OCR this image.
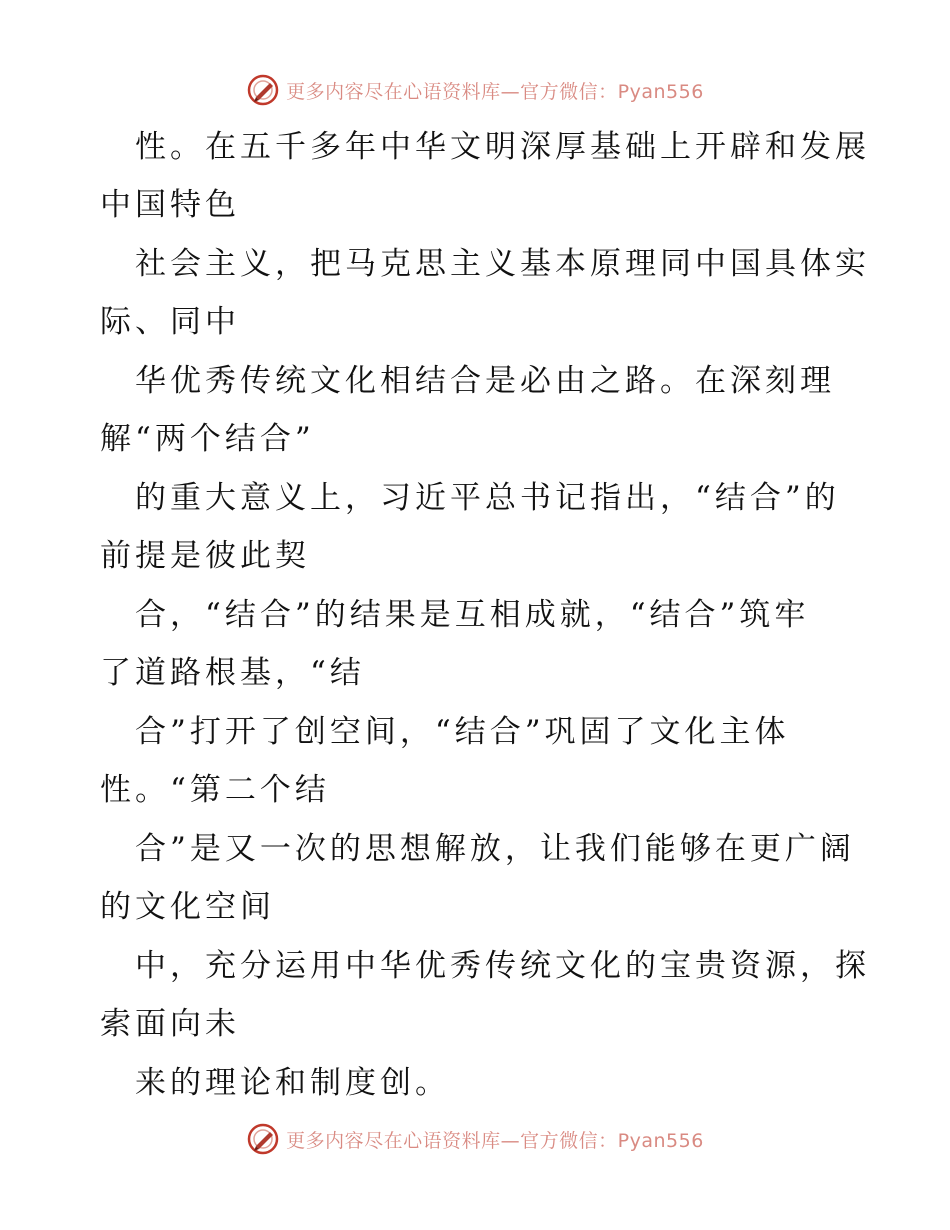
更多内容尽在心语资料库—官方微信：Pyan556
性。在五千多年中华文明深厚基础上开辟和发展
中国特色
社会主义，把马克思主义基本原理同中国具体实
际、同中
华优秀传统文化相结合是必由之路。在深刻理
解“两个结合”
的重大意义上，习近平总书记指出，“结合”的
前提是彼此契
合，“结合”的结果是互相成就，“结合”筑牢
了道路根基，“结
合”打开了创空间，“结合”巩固了文化主体
性。“第二个结
合”是又一次的思想解放，让我们能够在更广阔
的文化空间
中，充分运用中华优秀传统文化的宝贵资源，探
索面向未
来的理论和制度创。
更多内容尽在心语资料库—官方微信：Pyan556
